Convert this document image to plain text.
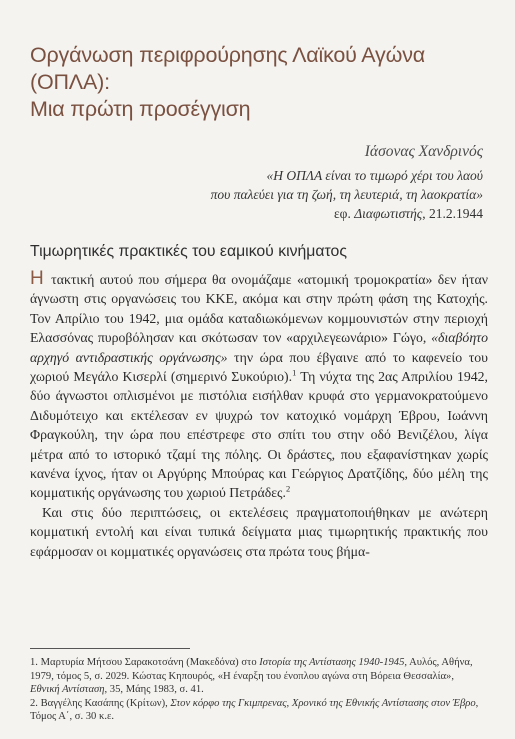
Οργάνωση περιφρούρησης Λαϊκού Αγώνα (ΟΠΛΑ):
Μια πρώτη προσέγγιση
Ιάσονας Χανδρινός
«Η ΟΠΛΑ είναι το τιμωρό χέρι του λαού
που παλεύει για τη ζωή, τη λευτεριά, τη λαοκρατία»
εφ. Διαφωτιστής, 21.2.1944
Τιμωρητικές πρακτικές του εαμικού κινήματος

Η τακτική αυτού που σήμερα θα ονομάζαμε «ατομική τρομοκρατία» δεν ήταν άγνωστη στις οργανώσεις του ΚΚΕ, ακόμα και στην πρώτη φάση της Κατοχής. Τον Απρίλιο του 1942, μια ομάδα καταδιωκόμενων κομμουνιστών στην περιοχή Ελασσόνας πυροβόλησαν και σκότωσαν τον «αρχιλεγεωνάριο» Γώγο, «διαβόητο αρχηγό αντιδραστικής οργάνωσης» την ώρα που έβγαινε από το καφενείο του χωριού Μεγάλο Κισερλί (σημερινό Συκούριο).$^1$ Τη νύχτα της 2ας Απριλίου 1942, δύο άγνωστοι οπλισμένοι με πιστόλια εισήλθαν κρυφά στο γερμανοκρατούμενο Διδυμότειχο και εκτέλεσαν εν ψυχρώ τον κατοχικό νομάρχη Έβρου, Ιωάννη Φραγκούλη, την ώρα που επέστρεφε στο σπίτι του στην οδό Βενιζέλου, λίγα μέτρα από το ιστορικό τζαμί της πόλης. Οι δράστες, που εξαφανίστηκαν χωρίς κανένα ίχνος, ήταν οι Αργύρης Μπούρας και Γεώργιος Δρατζίδης, δύο μέλη της κομματικής οργάνωσης του χωριού Πετράδες.$^2$

Και στις δύο περιπτώσεις, οι εκτελέσεις πραγματοποιήθηκαν με ανώτερη κομματική εντολή και είναι τυπικά δείγματα μιας τιμωρητικής πρακτικής που εφάρμοσαν οι κομματικές οργανώσεις στα πρώτα τους βήμα-

1. Μαρτυρία Μήτσου Σαρακοτσάνη (Μακεδόνα) στο Ιστορία της Αντίστασης 1940-1945, Αυλός, Αθήνα, 1979, τόμος 5, σ. 2029. Κώστας Κηπουρός, «Η έναρξη του ένοπλου αγώνα στη Βόρεια Θεσσαλία», Εθνική Αντίσταση, 35, Μάης 1983, σ. 41.

2. Βαγγέλης Κασάπης (Κρίτων), Στον κόρφο της Γκιμπρενας, Χρονικό της Εθνικής Αντίστασης στον Έβρο, Τόμος Α΄, σ. 30 κ.ε.
